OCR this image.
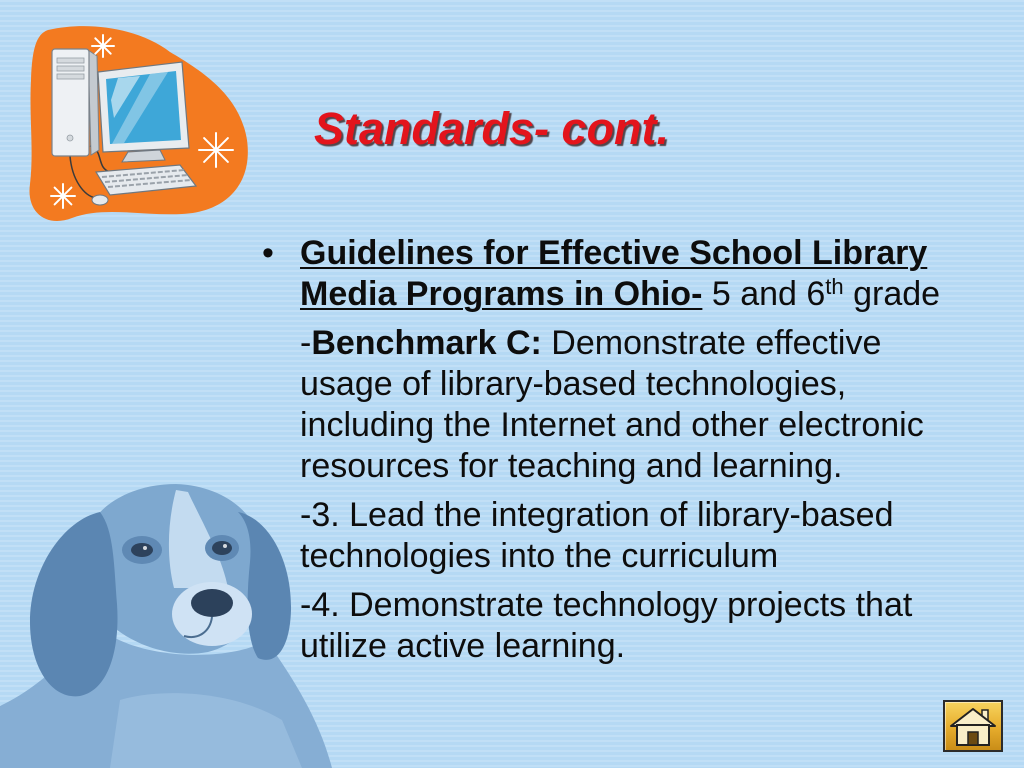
Standards- cont.

• Guidelines for Effective School Library Media Programs in Ohio- 5 and 6th grade

-Benchmark C: Demonstrate effective usage of library-based technologies, including the Internet and other electronic resources for teaching and learning.

-3. Lead the integration of library-based technologies into the curriculum

-4. Demonstrate technology projects that utilize active learning.
